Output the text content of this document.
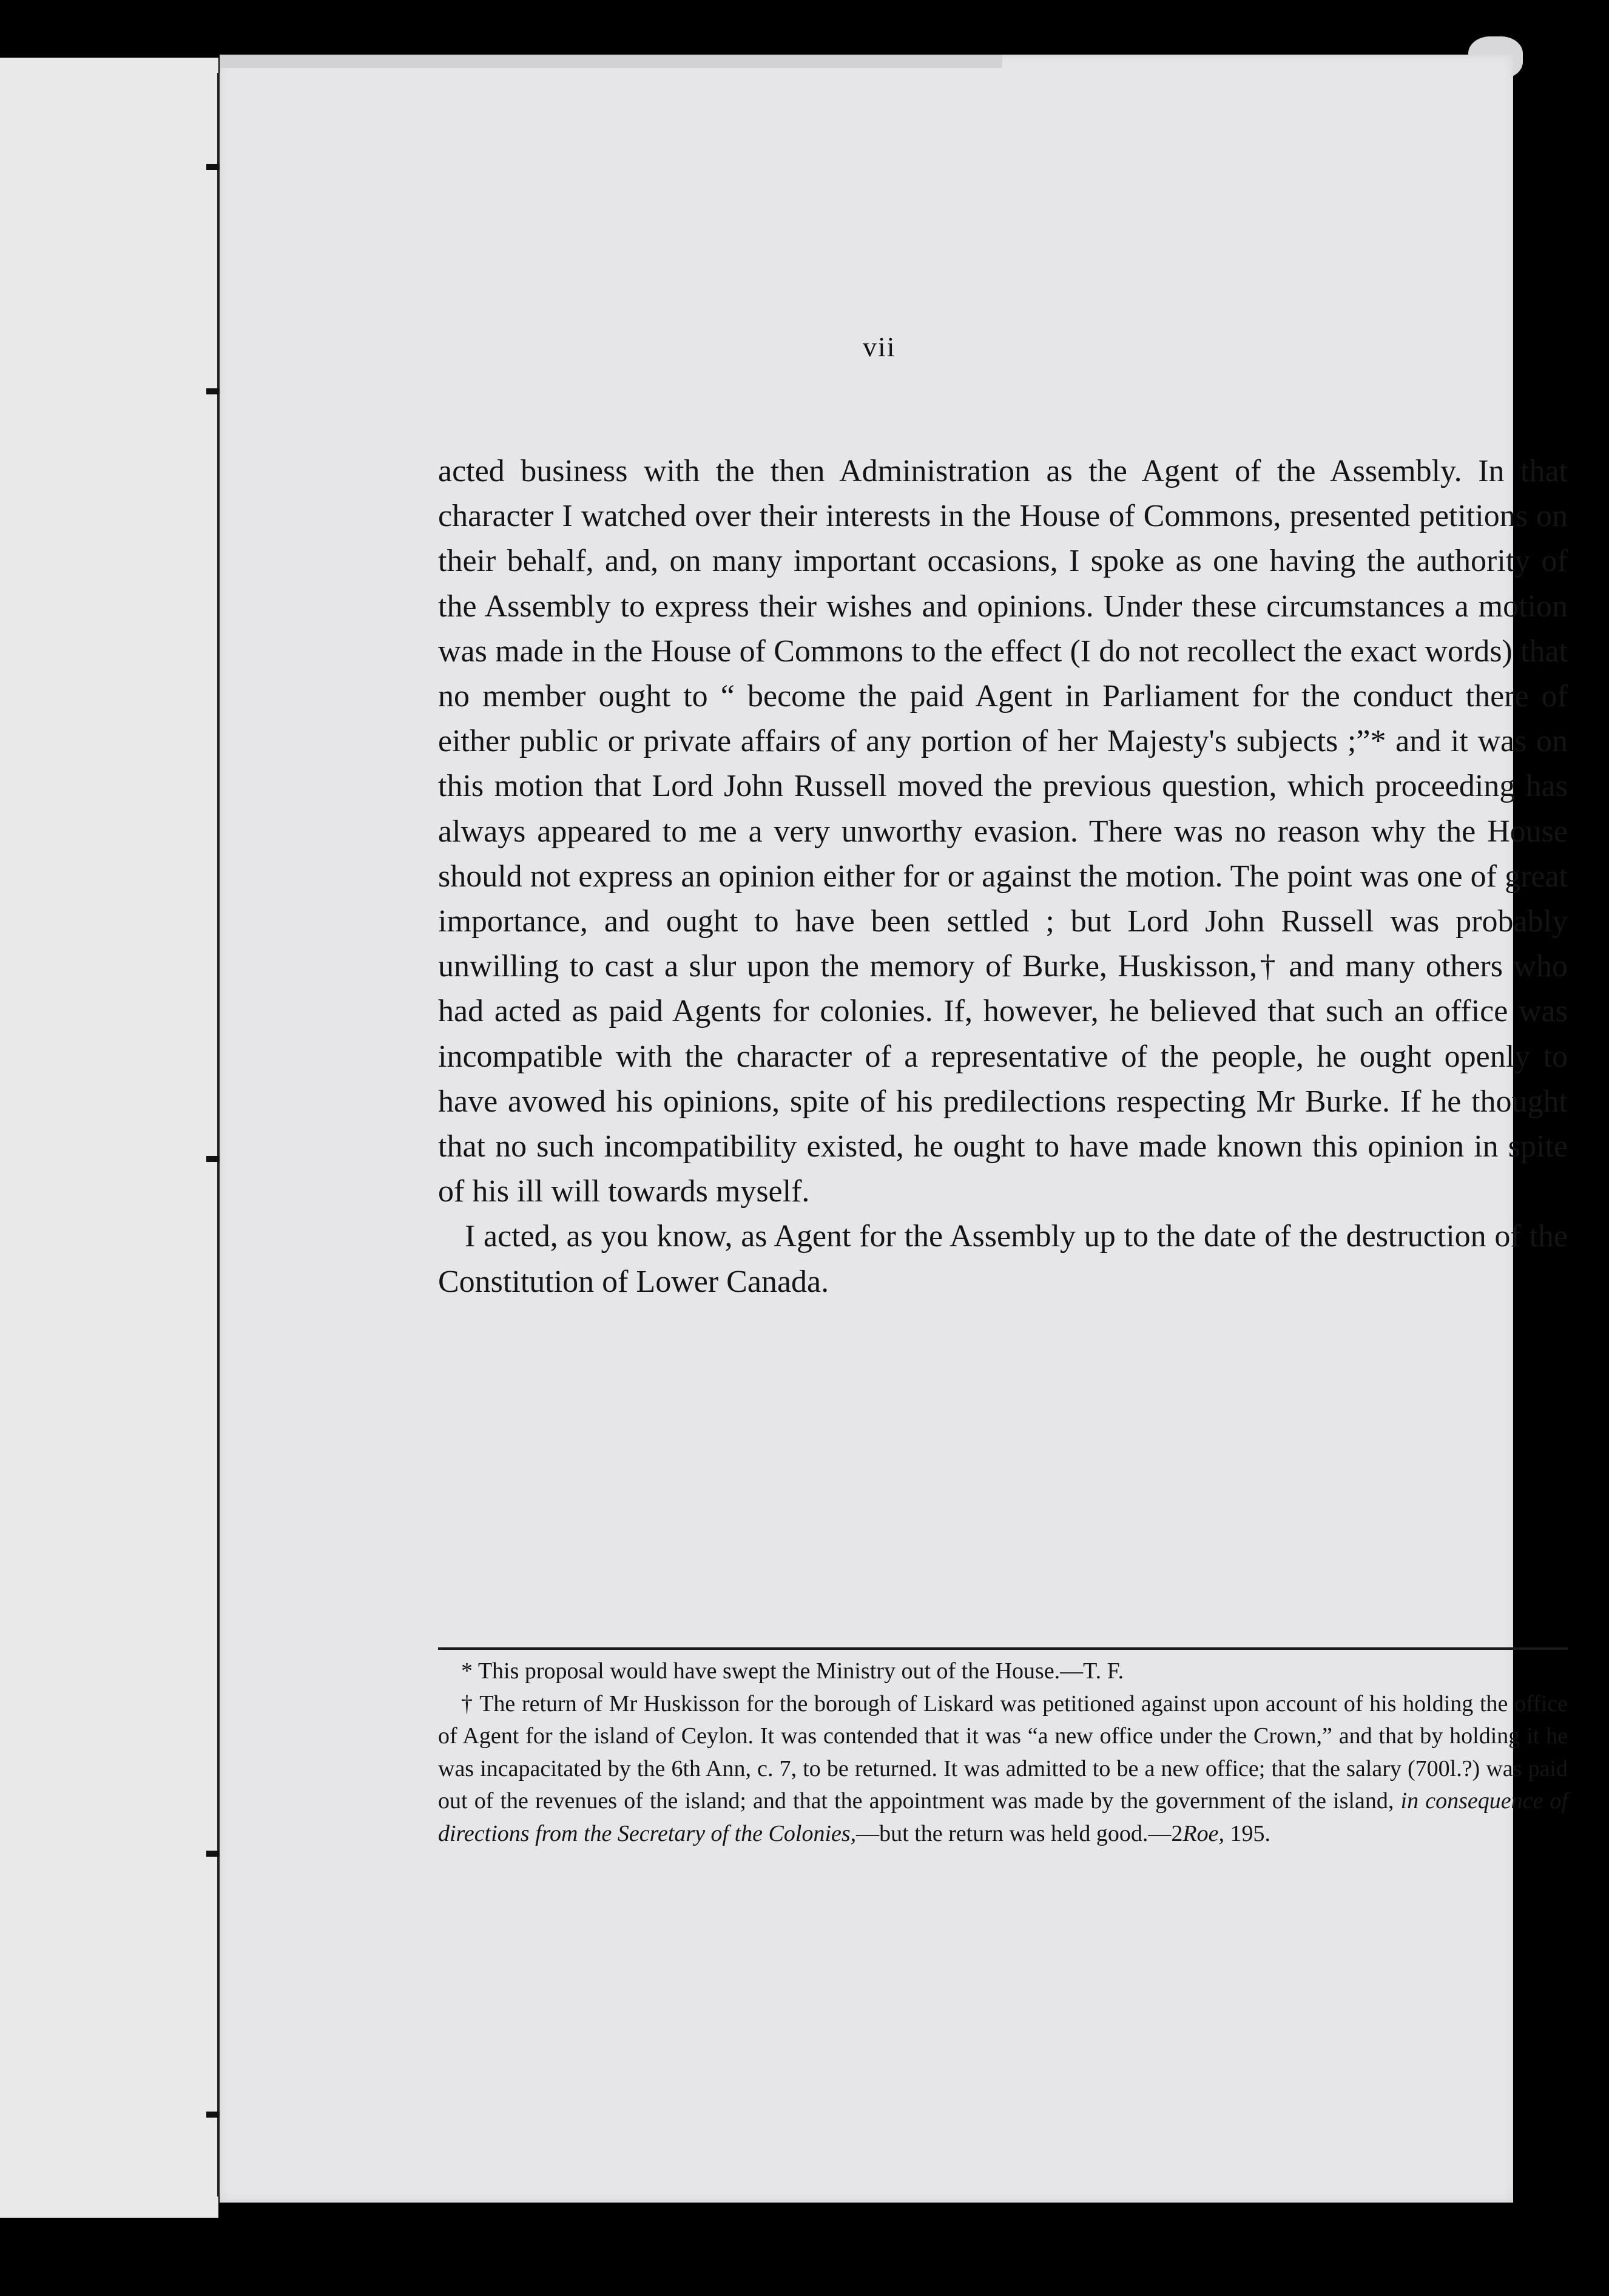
vii

acted business with the then Administration as the Agent of the Assembly. In that character I watched over their interests in the House of Commons, presented petitions on their behalf, and, on many important occasions, I spoke as one having the authority of the Assembly to express their wishes and opinions. Under these circumstances a motion was made in the House of Commons to the effect (I do not recollect the exact words) that no member ought to “ become the paid Agent in Parliament for the conduct there of either public or private affairs of any portion of her Majesty's subjects ;”* and it was on this motion that Lord John Russell moved the previous question, which proceeding has always appeared to me a very unworthy evasion. There was no reason why the House should not express an opinion either for or against the motion. The point was one of great importance, and ought to have been settled ; but Lord John Russell was probably unwilling to cast a slur upon the memory of Burke, Huskisson,† and many others who had acted as paid Agents for colonies. If, however, he believed that such an office was incompatible with the character of a representative of the people, he ought openly to have avowed his opinions, spite of his predilections respecting Mr Burke. If he thought that no such incompatibility existed, he ought to have made known this opinion in spite of his ill will towards myself.

I acted, as you know, as Agent for the Assembly up to the date of the destruction of the Constitution of Lower Canada.

* This proposal would have swept the Ministry out of the House.—T. F.

† The return of Mr Huskisson for the borough of Liskard was petitioned against upon account of his holding the office of Agent for the island of Ceylon. It was contended that it was “a new office under the Crown,” and that by holding it he was incapacitated by the 6th Ann, c. 7, to be returned. It was admitted to be a new office; that the salary (700l.?) was paid out of the revenues of the island; and that the appointment was made by the government of the island, in consequence of directions from the Secretary of the Colonies,—but the return was held good.—2Roe, 195.
